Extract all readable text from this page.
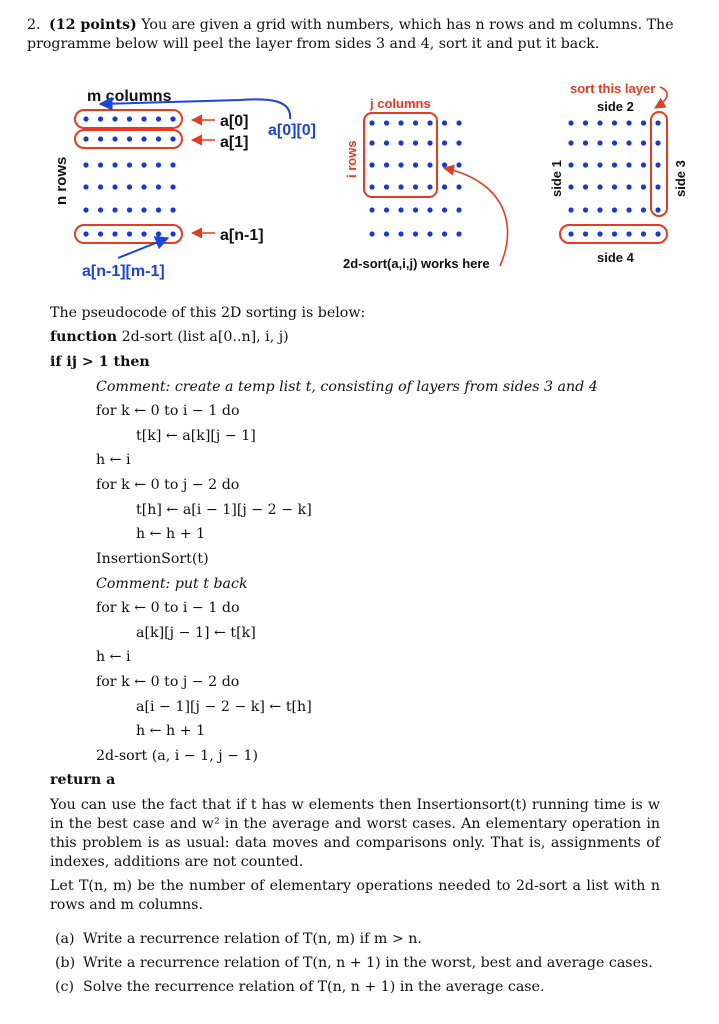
2. (12 points) You are given a grid with numbers, which has n rows and m columns. The programme below will peel the layer from sides 3 and 4, sort it and put it back.

m columns
n rows
a[0]
a[1]
a[n-1]
a[0][0]
a[n-1][m-1]
j columns
i rows
2d-sort(a,i,j) works here
sort this layer
side 2
side 4
side 1	side 3
The pseudocode of this 2D sorting is below:
function 2d-sort (list a[0..n], i, j)
if ij > 1 then
Comment: create a temp list t, consisting of layers from sides 3 and 4
for k ← 0 to i − 1 do
t[k] ← a[k][j − 1]
h ← i
for k ← 0 to j − 2 do
t[h] ← a[i − 1][j − 2 − k]
h ← h + 1
InsertionSort(t)
Comment: put t back
for k ← 0 to i − 1 do
a[k][j − 1] ← t[k]
h ← i
for k ← 0 to j − 2 do
a[i − 1][j − 2 − k] ← t[h]
h ← h + 1
2d-sort (a, i − 1, j − 1)
return a

You can use the fact that if t has w elements then Insertionsort(t) running time is w in the best case and w² in the average and worst cases. An elementary operation in this problem is as usual: data moves and comparisons only. That is, assignments of indexes, additions are not counted.

Let T(n, m) be the number of elementary operations needed to 2d-sort a list with n rows and m columns.

(a) Write a recurrence relation of T(n, m) if m > n.
(b) Write a recurrence relation of T(n, n + 1) in the worst, best and average cases.
(c) Solve the recurrence relation of T(n, n + 1) in the average case.
